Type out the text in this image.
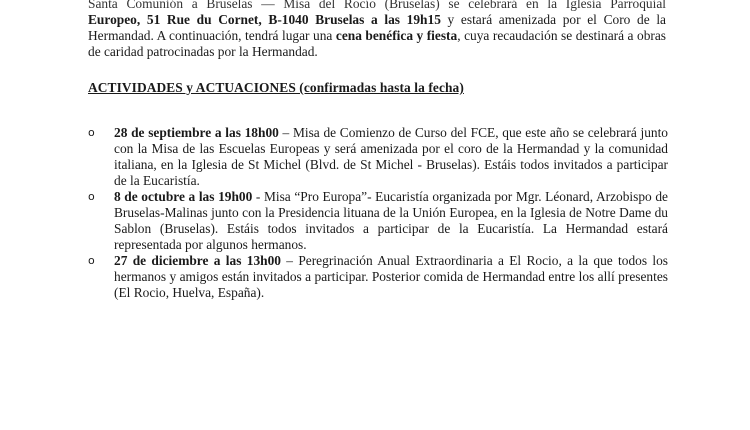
Santa Comunión a Bruselas — Misa del Rocío (Bruselas) se celebrará en la Iglesia Parroquial

Europeo, 51 Rue du Cornet, B-1040 Bruselas a las 19h15 y estará amenizada por el Coro de la Hermandad. A continuación, tendrá lugar una cena benéfica y fiesta, cuya recaudación se destinará a obras de caridad patrocinadas por la Hermandad.

ACTIVIDADES y ACTUACIONES (confirmadas hasta la fecha)
o 28 de septiembre a las 18h00 – Misa de Comienzo de Curso del FCE, que este año se celebrará junto con la Misa de las Escuelas Europeas y será amenizada por el coro de la Hermandad y la comunidad italiana, en la Iglesia de St Michel (Blvd. de St Michel - Bruselas). Estáis todos invitados a participar de la Eucaristía.
o 8 de octubre a las 19h00 - Misa “Pro Europa”- Eucaristía organizada por Mgr. Léonard, Arzobispo de Bruselas-Malinas junto con la Presidencia lituana de la Unión Europea, en la Iglesia de Notre Dame du Sablon (Bruselas). Estáis todos invitados a participar de la Eucaristía. La Hermandad estará representada por algunos hermanos.
o 27 de diciembre a las 13h00 – Peregrinación Anual Extraordinaria a El Rocio, a la que todos los hermanos y amigos están invitados a participar. Posterior comida de Hermandad entre los allí presentes (El Rocio, Huelva, España).
